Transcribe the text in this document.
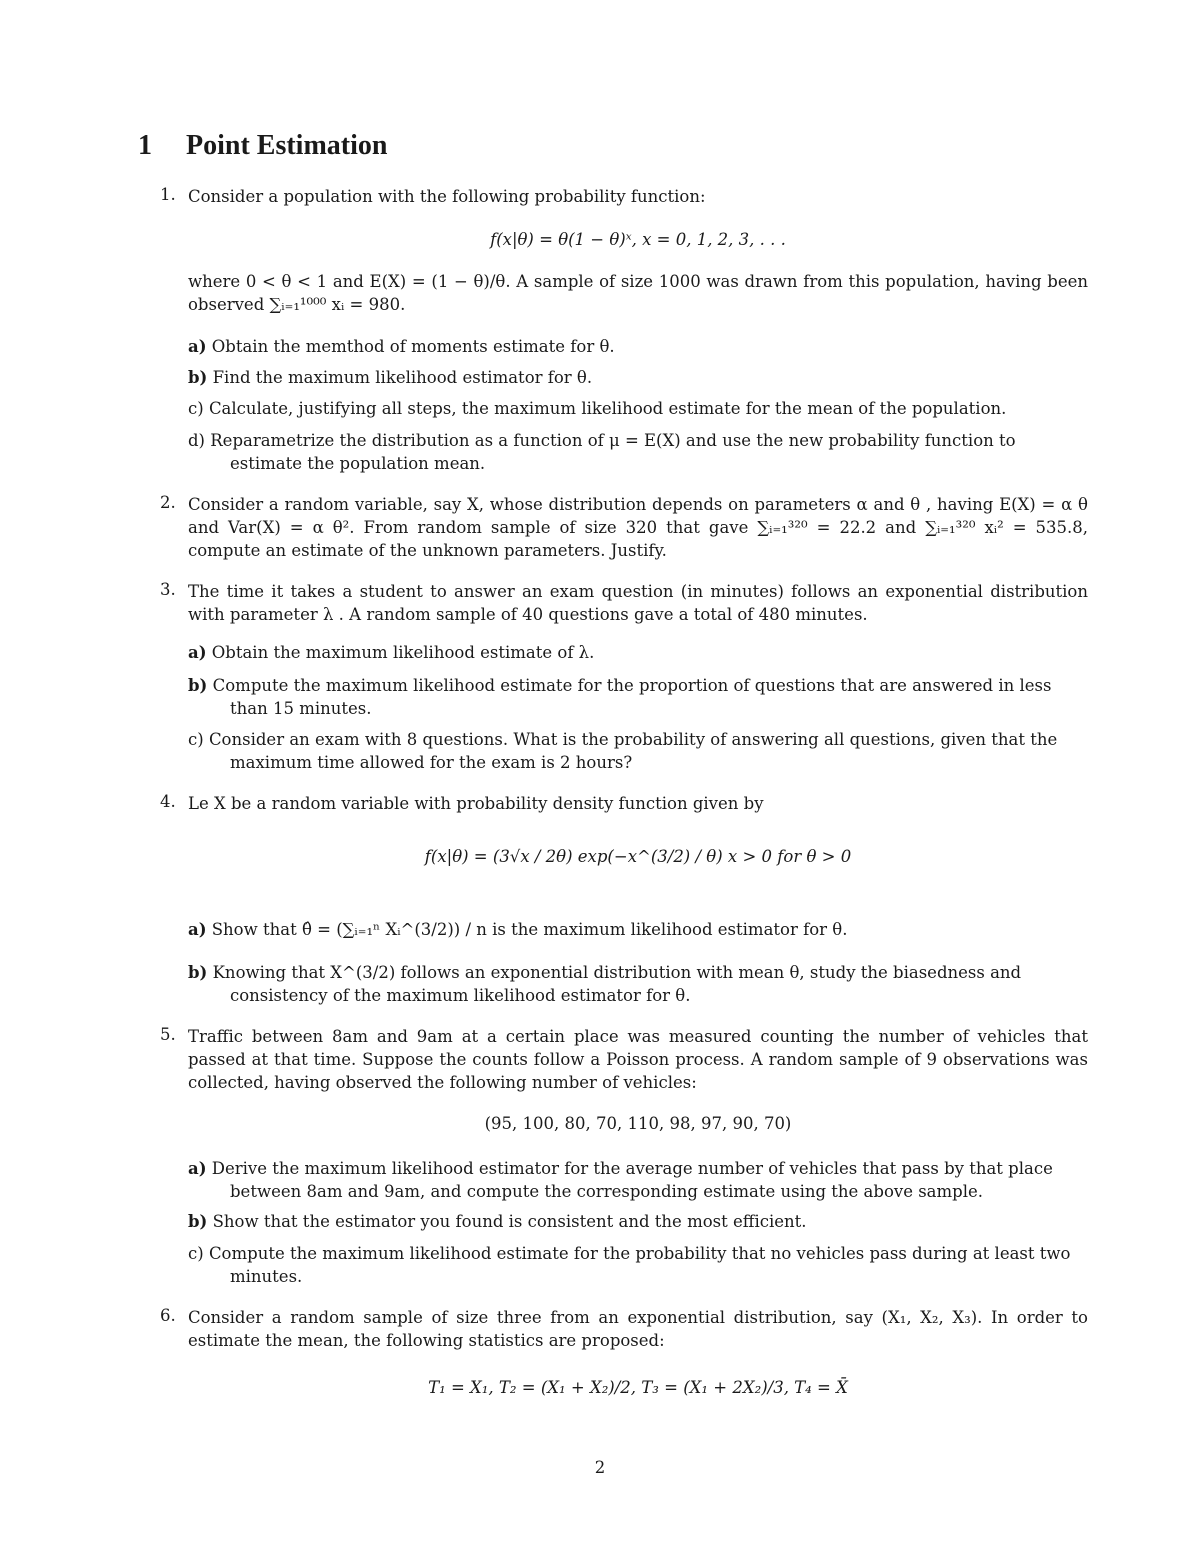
1 Point Estimation
1. Consider a population with the following probability function:
f(x|θ) = θ(1 − θ)ˣ, x = 0, 1, 2, 3, . . .
where 0 < θ < 1 and E(X) = (1 − θ)/θ. A sample of size 1000 was drawn from this population, having been observed ∑ᵢ₌₁¹⁰⁰⁰ xᵢ = 980.
a) Obtain the memthod of moments estimate for θ.
b) Find the maximum likelihood estimator for θ.
c) Calculate, justifying all steps, the maximum likelihood estimate for the mean of the population.
d) Reparametrize the distribution as a function of μ = E(X) and use the new probability function to estimate the population mean.
2. Consider a random variable, say X, whose distribution depends on parameters α and θ , having E(X) = α θ and Var(X) = α θ². From random sample of size 320 that gave ∑ᵢ₌₁³²⁰ = 22.2 and ∑ᵢ₌₁³²⁰ xᵢ² = 535.8, compute an estimate of the unknown parameters. Justify.
3. The time it takes a student to answer an exam question (in minutes) follows an exponential distribution with parameter λ . A random sample of 40 questions gave a total of 480 minutes.
a) Obtain the maximum likelihood estimate of λ.
b) Compute the maximum likelihood estimate for the proportion of questions that are answered in less than 15 minutes.
c) Consider an exam with 8 questions. What is the probability of answering all questions, given that the maximum time allowed for the exam is 2 hours?
4. Le X be a random variable with probability density function given by
f(x|θ) = (3√x / 2θ) exp(−x^(3/2) / θ) x > 0 for θ > 0
a) Show that θ̂ = (∑ᵢ₌₁ⁿ Xᵢ^(3/2)) / n is the maximum likelihood estimator for θ.
b) Knowing that X^(3/2) follows an exponential distribution with mean θ, study the biasedness and consistency of the maximum likelihood estimator for θ.
5. Traffic between 8am and 9am at a certain place was measured counting the number of vehicles that passed at that time. Suppose the counts follow a Poisson process. A random sample of 9 observations was collected, having observed the following number of vehicles:
(95, 100, 80, 70, 110, 98, 97, 90, 70)
a) Derive the maximum likelihood estimator for the average number of vehicles that pass by that place between 8am and 9am, and compute the corresponding estimate using the above sample.
b) Show that the estimator you found is consistent and the most efficient.
c) Compute the maximum likelihood estimate for the probability that no vehicles pass during at least two minutes.
6. Consider a random sample of size three from an exponential distribution, say (X₁, X₂, X₃). In order to estimate the mean, the following statistics are proposed:
T₁ = X₁, T₂ = (X₁ + X₂)/2, T₃ = (X₁ + 2X₂)/3, T₄ = X̄
2
